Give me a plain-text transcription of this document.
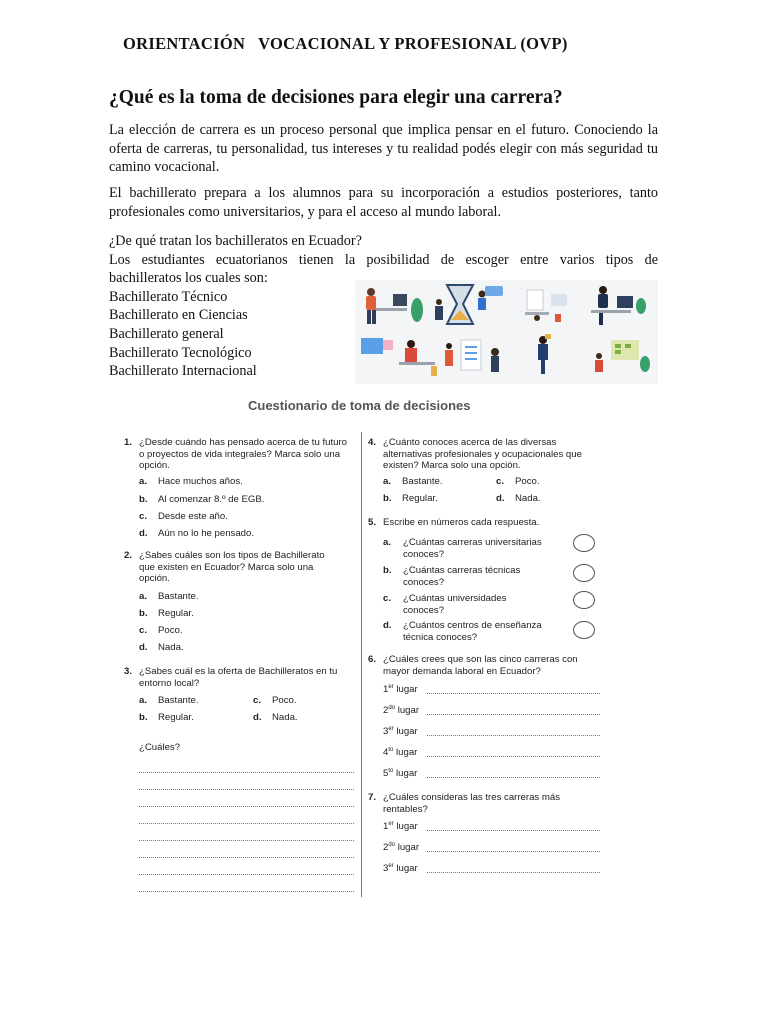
ORIENTACIÓN   VOCACIONAL Y PROFESIONAL (OVP)
¿Qué es la toma de decisiones para elegir una carrera?
La elección de carrera es un proceso personal que implica pensar en el futuro. Conociendo la oferta de carreras, tu personalidad, tus intereses y tu realidad podés elegir con más seguridad tu camino vocacional.
El bachillerato prepara a los alumnos para su incorporación a estudios posteriores, tanto profesionales como universitarios, y para el acceso al mundo laboral.
¿De qué tratan los bachilleratos en Ecuador?
Los estudiantes ecuatorianos tienen la posibilidad de escoger entre varios tipos de
bachilleratos los cuales son:
Bachillerato Técnico
Bachillerato en Ciencias
Bachillerato general
Bachillerato Tecnológico
Bachillerato Internacional
Cuestionario de toma de decisiones
1. ¿Desde cuándo has pensado acerca de tu futuro o proyectos de vida integrales? Marca solo una opción.
a. Hace muchos años.
b. Al comenzar 8.º de EGB.
c. Desde este año.
d. Aún no lo he pensado.
2. ¿Sabes cuáles son los tipos de Bachillerato que existen en Ecuador? Marca solo una opción.
a. Bastante.
b. Regular.
c. Poco.
d. Nada.
3. ¿Sabes cuál es la oferta de Bachilleratos en tu entorno local?
a. Bastante.	c. Poco.
b. Regular.	d. Nada.
¿Cuáles?
4. ¿Cuánto conoces acerca de las diversas alternativas profesionales y ocupacionales que existen? Marca solo una opción.
a. Bastante.	c. Poco.
b. Regular.	d. Nada.
5. Escribe en números cada respuesta.
a. ¿Cuántas carreras universitarias conoces?
b. ¿Cuántas carreras técnicas conoces?
c. ¿Cuántas universidades conoces?
d. ¿Cuántos centros de enseñanza técnica conoces?
6. ¿Cuáles crees que son las cinco carreras con mayor demanda laboral en Ecuador?
1er lugar
$2^{do}$ lugar
3er lugar
$4^{to}$ lugar
$5^{to}$ lugar
7. ¿Cuáles consideras las tres carreras más rentables?
1er lugar
$2^{do}$ lugar
3er lugar
